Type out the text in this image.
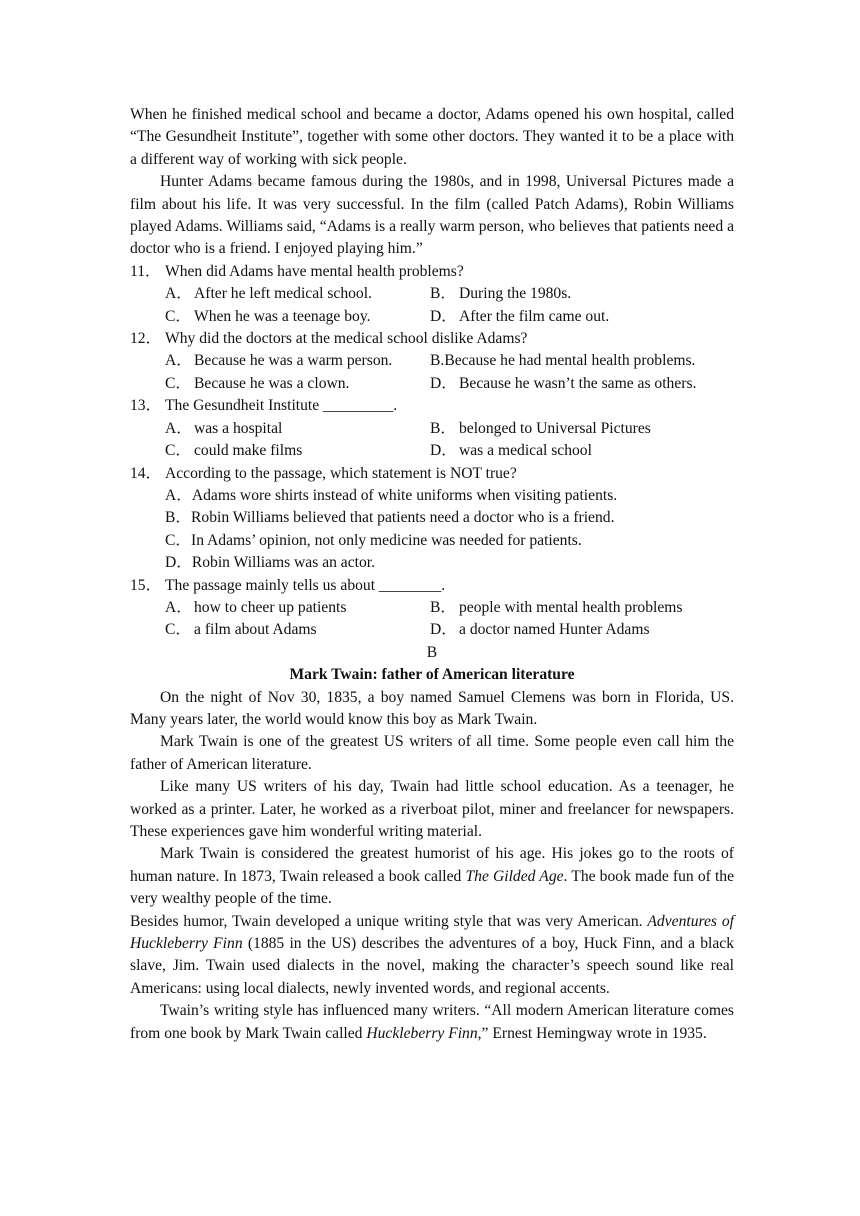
When he finished medical school and became a doctor, Adams opened his own hospital, called “The Gesundheit Institute”, together with some other doctors. They wanted it to be a place with a different way of working with sick people.

Hunter Adams became famous during the 1980s, and in 1998, Universal Pictures made a film about his life. It was very successful. In the film (called Patch Adams), Robin Williams played Adams. Williams said, “Adams is a really warm person, who believes that patients need a doctor who is a friend. I enjoyed playing him.”

11． When did Adams have mental health problems?
A． After he left medical school.	B． During the 1980s.
C． When he was a teenage boy.	D． After the film came out.
12． Why did the doctors at the medical school dislike Adams?
A． Because he was a warm person.	B.Because he had mental health problems.
C． Because he was a clown.	D． Because he wasn’t the same as others.
13． The Gesundheit Institute _________.
A． was a hospital	B． belonged to Universal Pictures
C． could make films	D． was a medical school
14． According to the passage, which statement is NOT true?
A．Adams wore shirts instead of white uniforms when visiting patients.
B．Robin Williams believed that patients need a doctor who is a friend.
C．In Adams’ opinion, not only medicine was needed for patients.
D．Robin Williams was an actor.
15． The passage mainly tells us about ________.
A． how to cheer up patients	B． people with mental health problems
C． a film about Adams	D． a doctor named Hunter Adams

B

Mark Twain: father of American literature

On the night of Nov 30, 1835, a boy named Samuel Clemens was born in Florida, US. Many years later, the world would know this boy as Mark Twain.

Mark Twain is one of the greatest US writers of all time. Some people even call him the father of American literature.

Like many US writers of his day, Twain had little school education. As a teenager, he worked as a printer. Later, he worked as a riverboat pilot, miner and freelancer for newspapers. These experiences gave him wonderful writing material.

Mark Twain is considered the greatest humorist of his age. His jokes go to the roots of human nature. In 1873, Twain released a book called The Gilded Age. The book made fun of the very wealthy people of the time.

Besides humor, Twain developed a unique writing style that was very American. Adventures of Huckleberry Finn (1885 in the US) describes the adventures of a boy, Huck Finn, and a black slave, Jim. Twain used dialects in the novel, making the character’s speech sound like real Americans: using local dialects, newly invented words, and regional accents.

Twain’s writing style has influenced many writers. “All modern American literature comes from one book by Mark Twain called Huckleberry Finn,” Ernest Hemingway wrote in 1935.
